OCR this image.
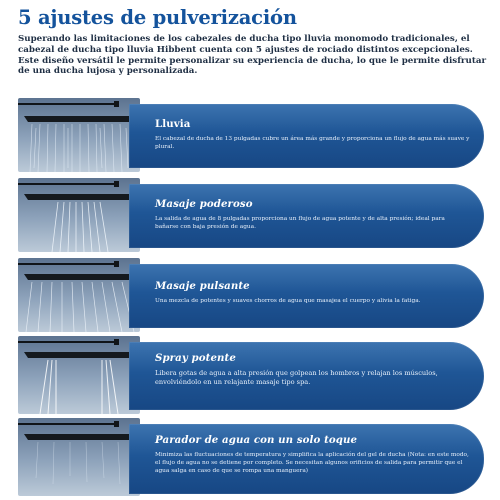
5 ajustes de pulverización
Superando las limitaciones de los cabezales de ducha tipo lluvia monomodo tradicionales, el cabezal de ducha tipo lluvia Hibbent cuenta con 5 ajustes de rociado distintos excepcionales. Este diseño versátil le permite personalizar su experiencia de ducha, lo que le permite disfrutar de una ducha lujosa y personalizada.
Lluvia
El cabezal de ducha de 13 pulgadas cubre un área más grande y proporciona un flujo de agua más suave y plural.
Masaje poderoso
La salida de agua de 8 pulgadas proporciona un flujo de agua potente y de alta presión; ideal para bañarse con baja presión de agua.
Masaje pulsante
Una mezcla de potentes y suaves chorros de agua que masajea el cuerpo y alivia la fatiga.
Spray potente
Libera gotas de agua a alta presión que golpean los hombros y relajan los músculos, envolviéndolo en un relajante masaje tipo spa.
Parador de agua con un solo toque
Minimiza las fluctuaciones de temperatura y simplifica la aplicación del gel de ducha (Nota: en este modo, el flujo de agua no se detiene por completo. Se necesitan algunos orificios de salida para permitir que el agua salga en caso de que se rompa una manguera)
